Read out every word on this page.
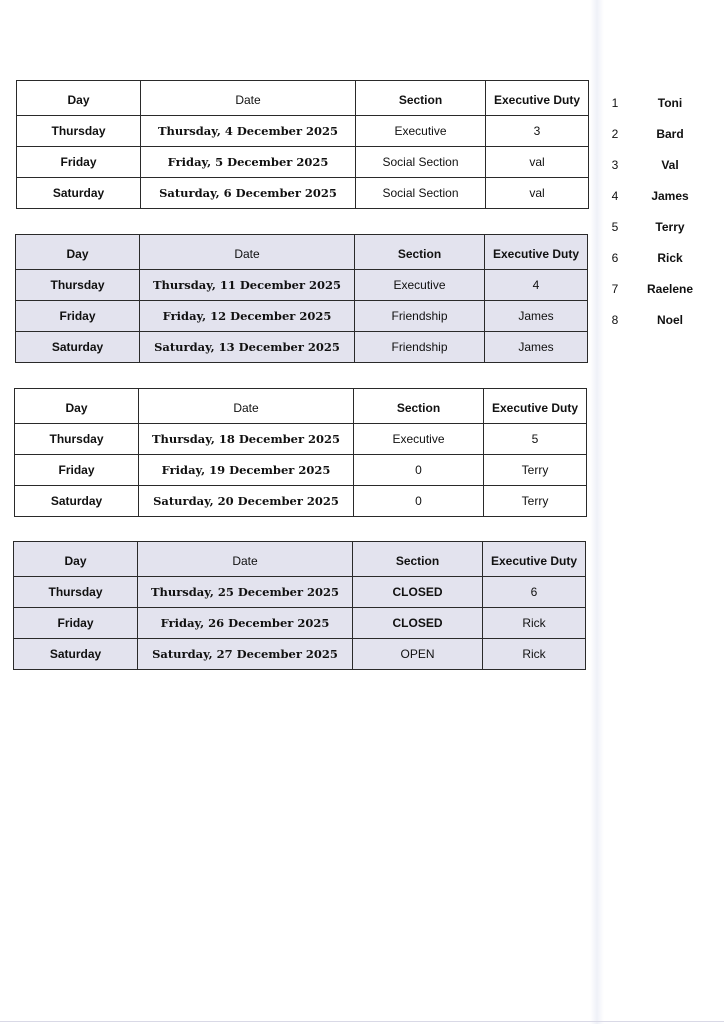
Day	Date	Section	Executive Duty
Thursday	Thursday, 4 December 2025	Executive	3
Friday	Friday, 5 December 2025	Social Section	val
Saturday	Saturday, 6 December 2025	Social Section	val
Day	Date	Section	Executive Duty
Thursday	Thursday, 11 December 2025	Executive	4
Friday	Friday, 12 December 2025	Friendship	James
Saturday	Saturday, 13 December 2025	Friendship	James
Day	Date	Section	Executive Duty
Thursday	Thursday, 18 December 2025	Executive	5
Friday	Friday, 19 December 2025	0	Terry
Saturday	Saturday, 20 December 2025	0	Terry
Day	Date	Section	Executive Duty
Thursday	Thursday, 25 December 2025	CLOSED	6
Friday	Friday, 26 December 2025	CLOSED	Rick
Saturday	Saturday, 27 December 2025	OPEN	Rick
1	Toni
2	Bard
3	Val
4	James
5	Terry
6	Rick
7	Raelene
8	Noel
